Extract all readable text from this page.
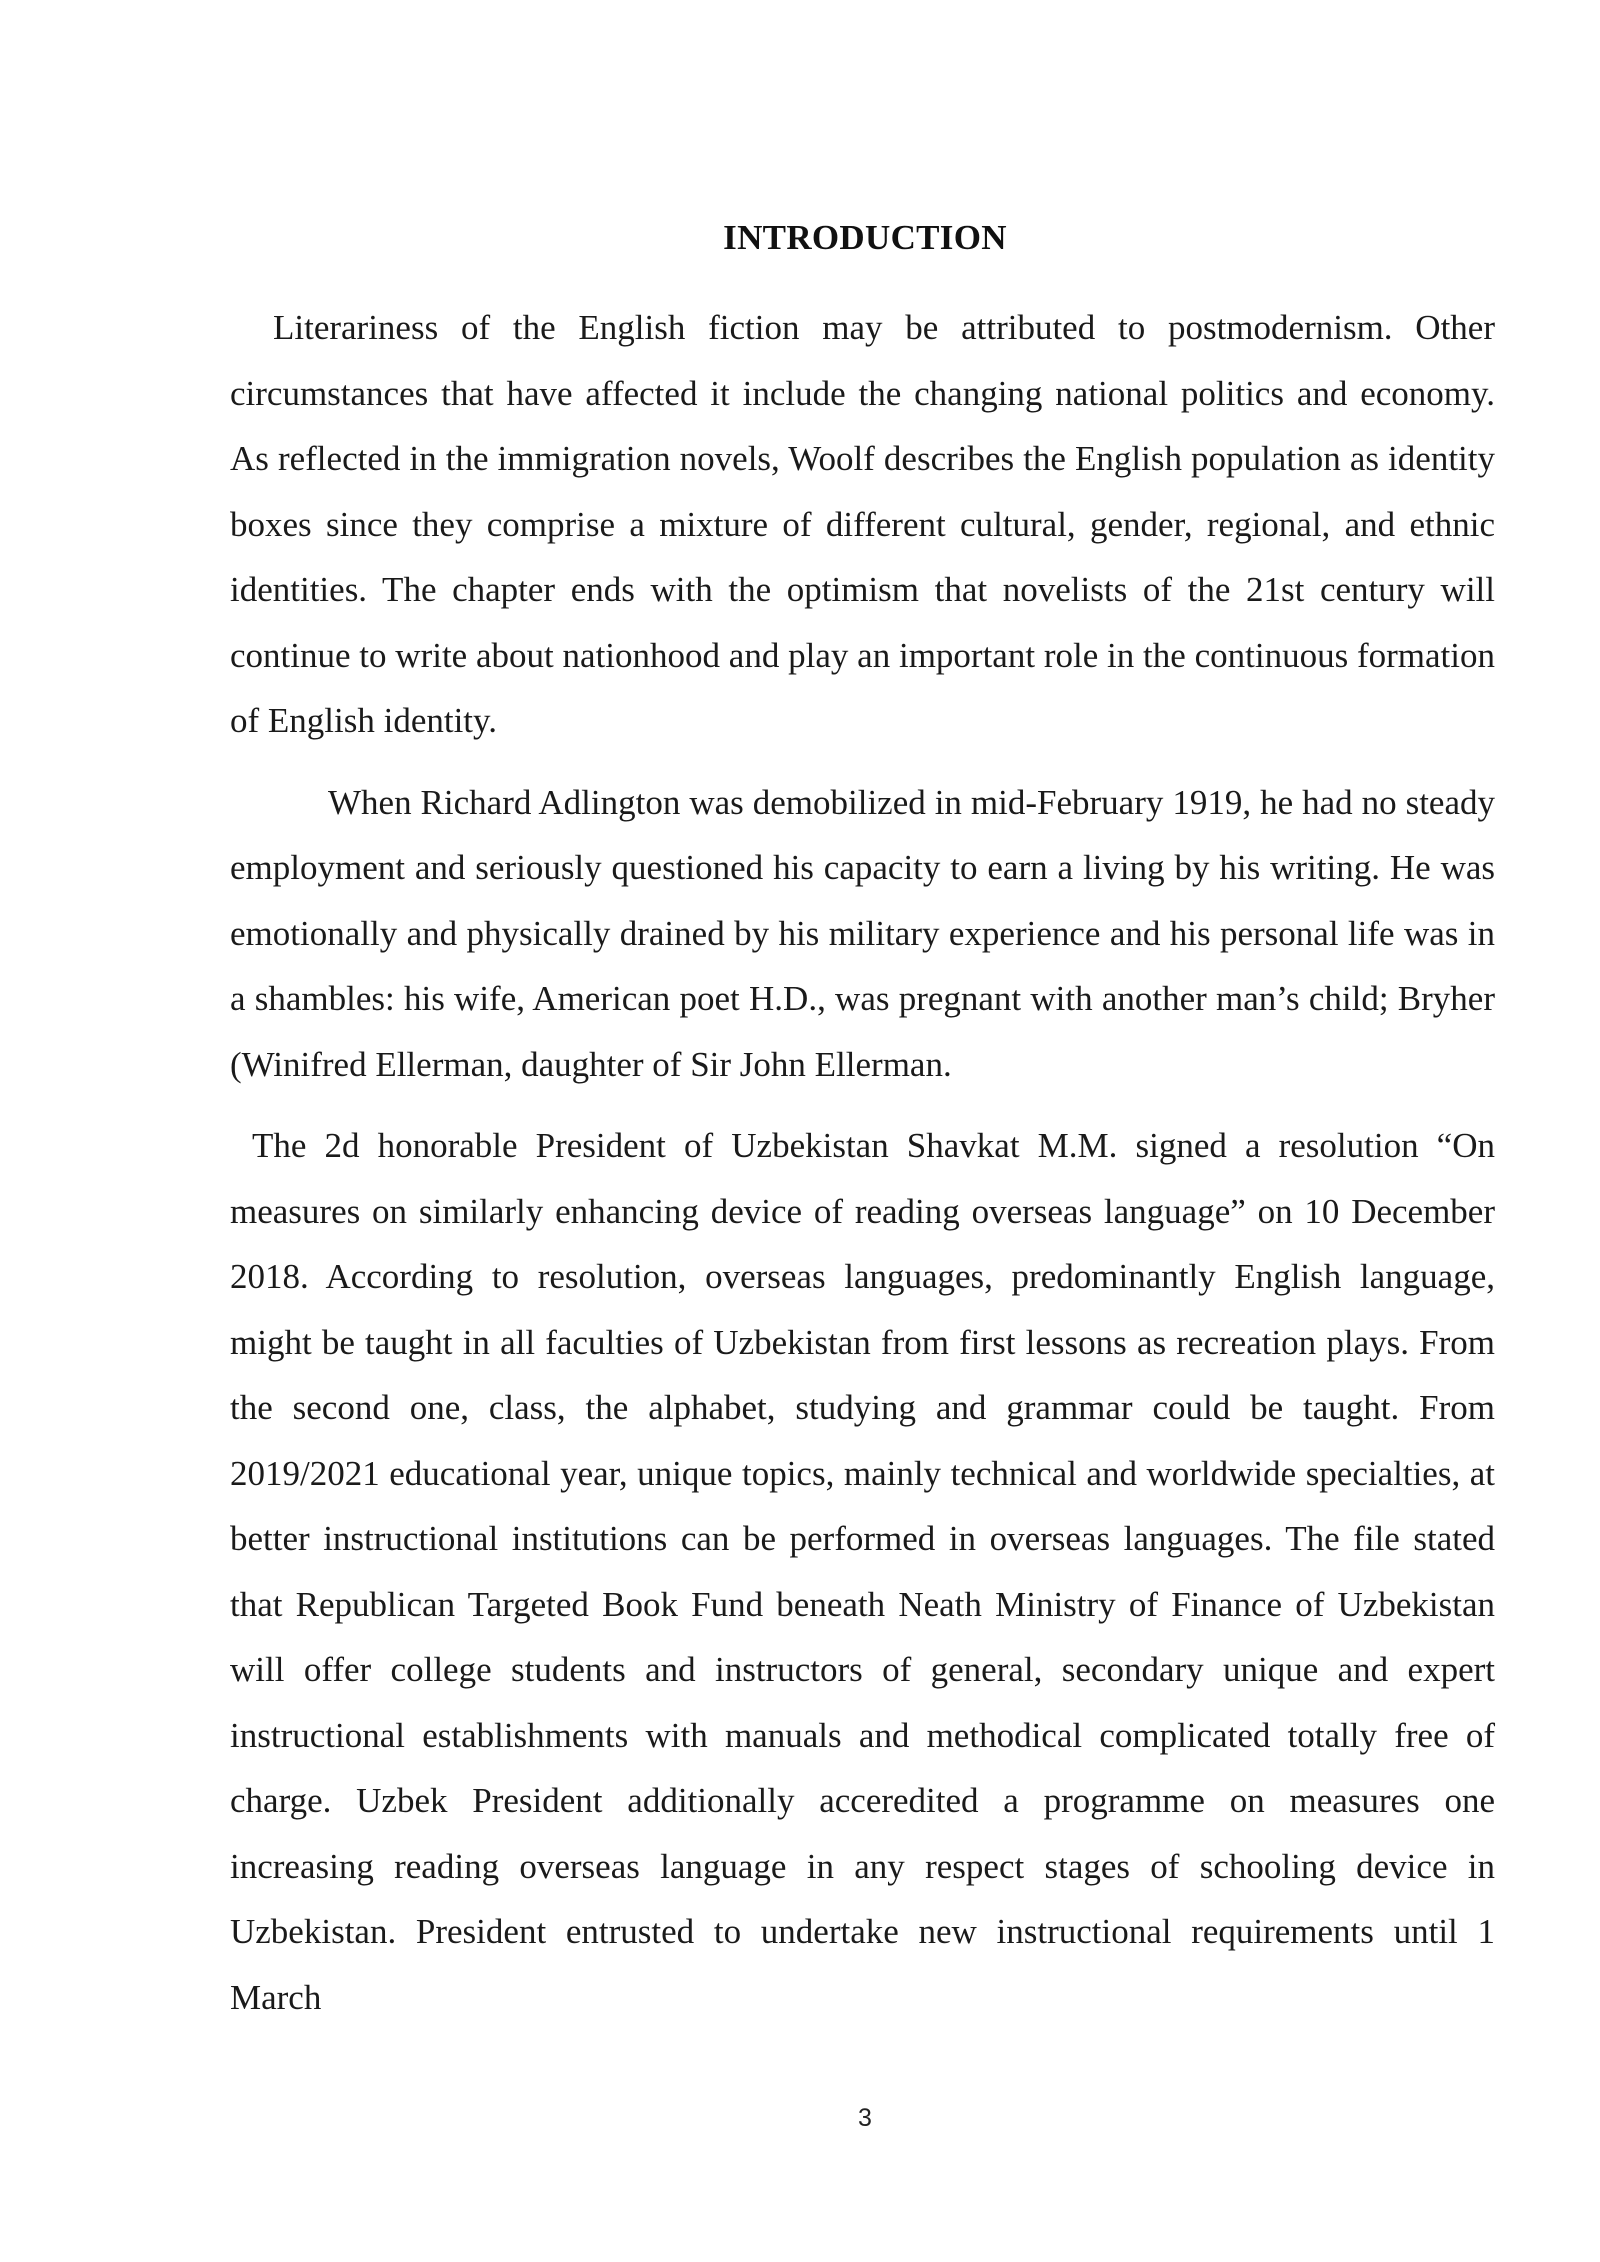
INTRODUCTION

Literariness of the English fiction may be attributed to postmodernism. Other circumstances that have affected it include the changing national politics and economy. As reflected in the immigration novels, Woolf describes the English population as identity boxes since they comprise a mixture of different cultural, gender, regional, and ethnic identities. The chapter ends with the optimism that novelists of the 21st century will continue to write about nationhood and play an important role in the continuous formation of English identity.

When Richard Adlington was demobilized in mid-February 1919, he had no steady employment and seriously questioned his capacity to earn a living by his writing. He was emotionally and physically drained by his military experience and his personal life was in a shambles: his wife, American poet H.D., was pregnant with another man’s child; Bryher (Winifred Ellerman, daughter of Sir John Ellerman.

The 2d honorable President of Uzbekistan Shavkat M.M. signed a resolution “On measures on similarly enhancing device of reading overseas language” on 10 December 2018. According to resolution, overseas languages, predominantly English language, might be taught in all faculties of Uzbekistan from first lessons as recreation plays. From the second one, class, the alphabet, studying and grammar could be taught. From 2019/2021 educational year, unique topics, mainly technical and worldwide specialties, at better instructional institutions can be performed in overseas languages. The file stated that Republican Targeted Book Fund beneath Neath Ministry of Finance of Uzbekistan will offer college students and instructors of general, secondary unique and expert instructional establishments with manuals and methodical complicated totally free of charge. Uzbek President additionally acceredited a programme on measures one increasing reading overseas language in any respect stages of schooling device in Uzbekistan. President entrusted to undertake new instructional requirements until 1 March

3
